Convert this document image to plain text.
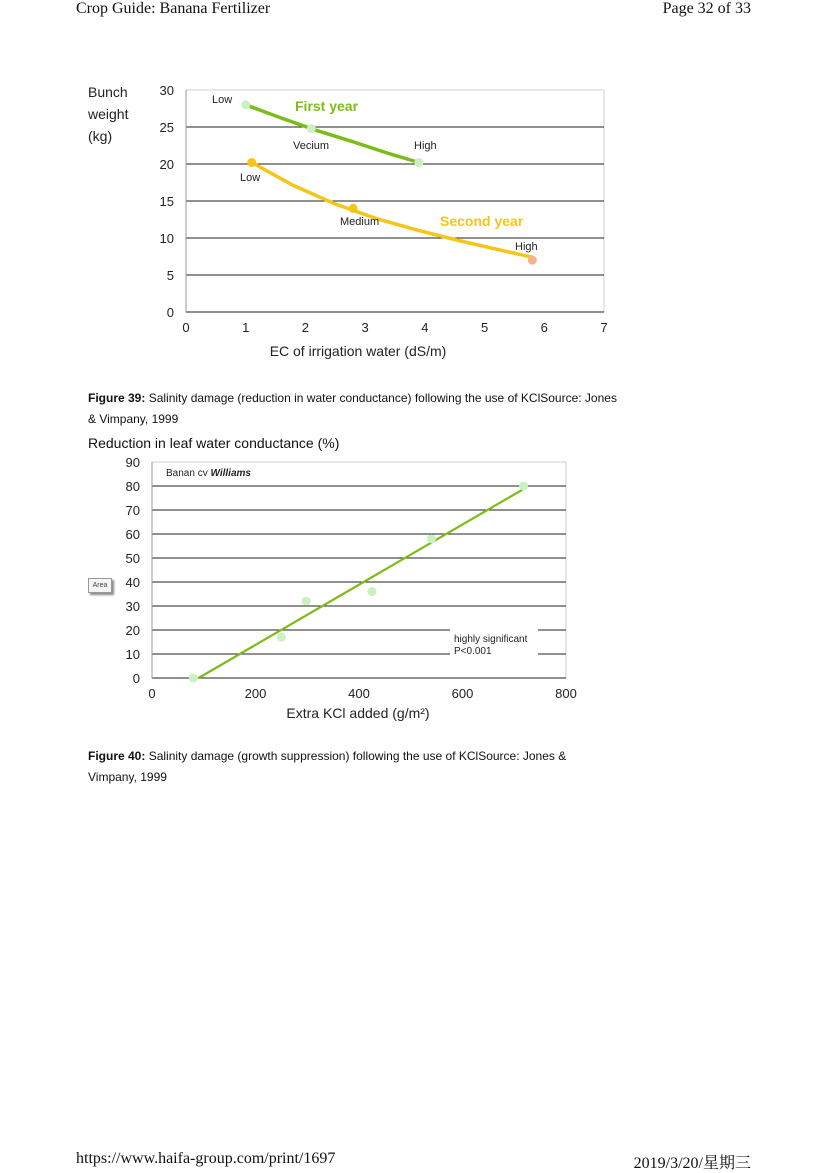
Crop Guide: Banana Fertilizer	Page 32 of 33
0
5
10
15
20
25
30
0	1	2	3	4	5	6	7
Bunch
weight
(kg)
EC of irrigation water (dS/m)
Low
Vecium	High
Low
Medium
High
First year
Second year
Figure 39: Salinity damage (reduction in water conductance) following the use of KClSource: Jones & Vimpany, 1999
Reduction in leaf water conductance (%)
0
10
20
30
40
50
60
70
80
90
0	200	400	600	800
Extra KCl added (g/m²)
Banan cv Williams
highly significant
P<0.001
Area
Figure 40: Salinity damage (growth suppression) following the use of KClSource: Jones & Vimpany, 1999
https://www.haifa-group.com/print/1697	2019/3/20/星期三
